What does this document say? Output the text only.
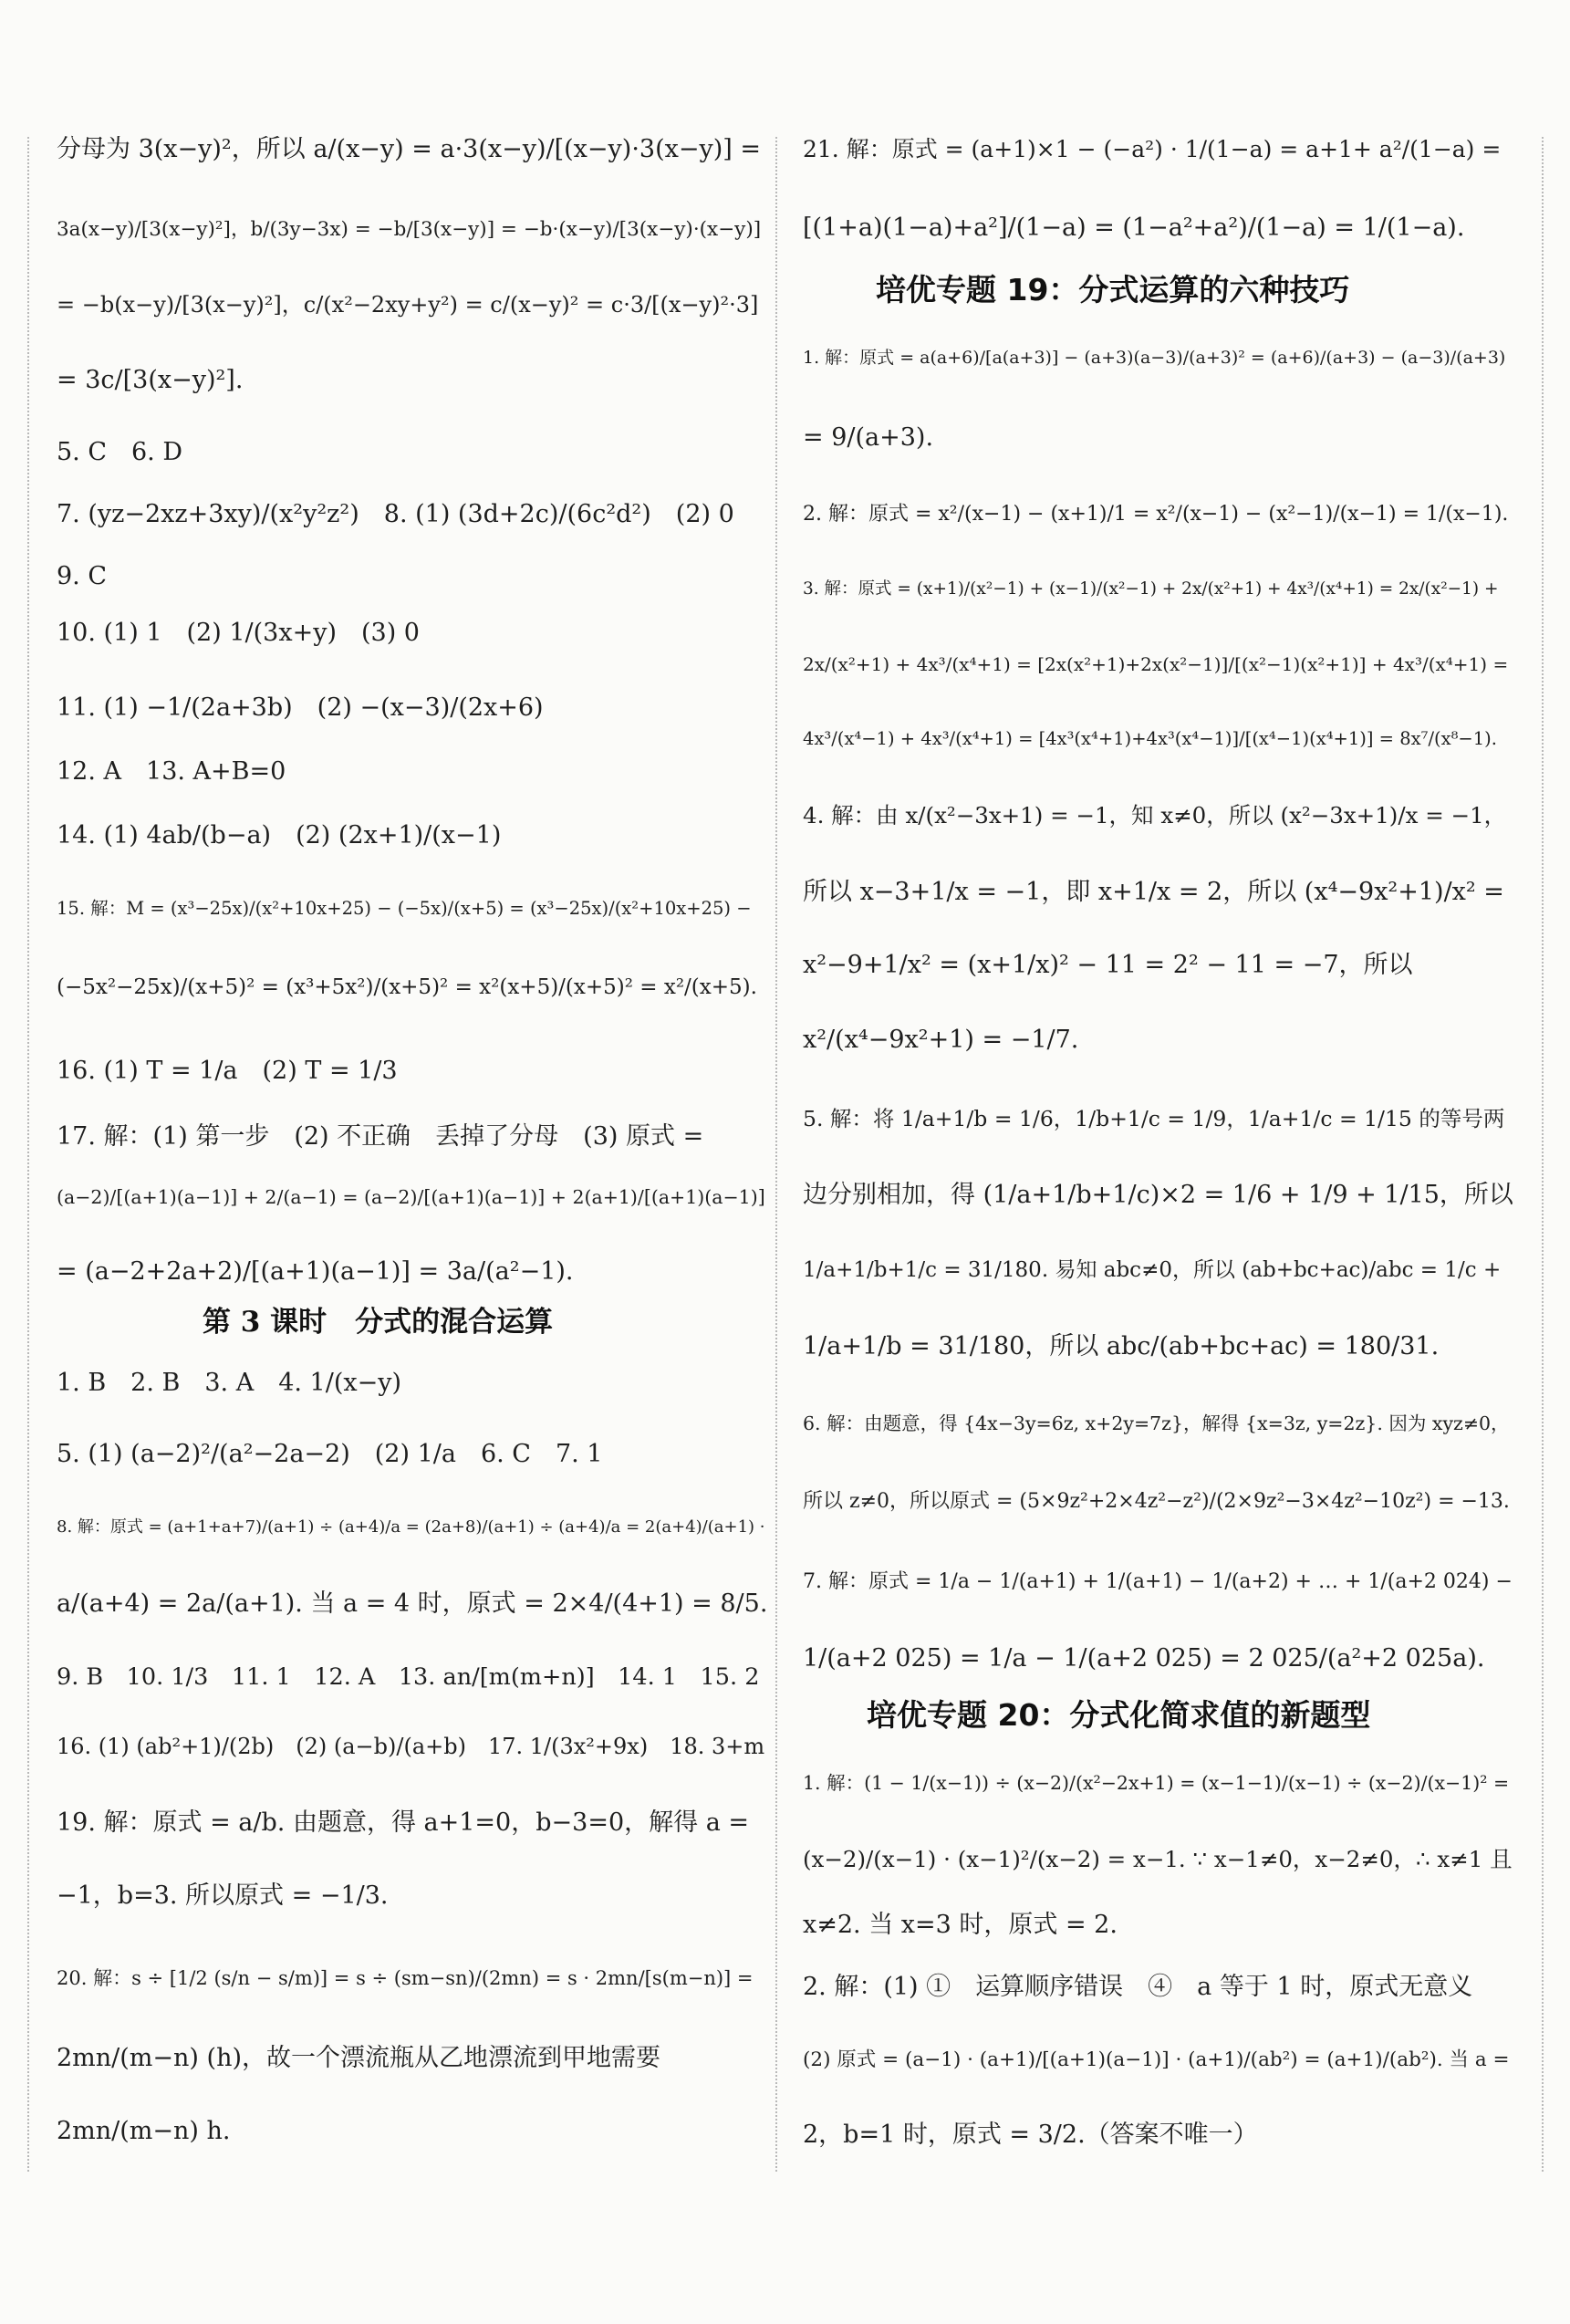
分母为 3(x−y)²，所以 a/(x−y) = a·3(x−y)/[(x−y)·3(x−y)] =
3a(x−y)/[3(x−y)²]，b/(3y−3x) = −b/[3(x−y)] = −b·(x−y)/[3(x−y)·(x−y)]
= −b(x−y)/[3(x−y)²]，c/(x²−2xy+y²) = c/(x−y)² = c·3/[(x−y)²·3]
= 3c/[3(x−y)²].
5. C　6. D
7. (yz−2xz+3xy)/(x²y²z²)　8. (1) (3d+2c)/(6c²d²)　(2) 0
9. C
10. (1) 1　(2) 1/(3x+y)　(3) 0
11. (1) −1/(2a+3b)　(2) −(x−3)/(2x+6)
12. A　13. A+B=0
14. (1) 4ab/(b−a)　(2) (2x+1)/(x−1)
15. 解：M = (x³−25x)/(x²+10x+25) − (−5x)/(x+5) = (x³−25x)/(x²+10x+25) −
(−5x²−25x)/(x+5)² = (x³+5x²)/(x+5)² = x²(x+5)/(x+5)² = x²/(x+5).
16. (1) T = 1/a　(2) T = 1/3
17. 解：(1) 第一步　(2) 不正确　丢掉了分母　(3) 原式 =
(a−2)/[(a+1)(a−1)] + 2/(a−1) = (a−2)/[(a+1)(a−1)] + 2(a+1)/[(a+1)(a−1)]
= (a−2+2a+2)/[(a+1)(a−1)] = 3a/(a²−1).
第 3 课时　分式的混合运算
1. B　2. B　3. A　4. 1/(x−y)
5. (1) (a−2)²/(a²−2a−2)　(2) 1/a　6. C　7. 1
8. 解：原式 = (a+1+a+7)/(a+1) ÷ (a+4)/a = (2a+8)/(a+1) ÷ (a+4)/a = 2(a+4)/(a+1) ·
a/(a+4) = 2a/(a+1). 当 a = 4 时，原式 = 2×4/(4+1) = 8/5.
9. B　10. 1/3　11. 1　12. A　13. an/[m(m+n)]　14. 1　15. 2
16. (1) (ab²+1)/(2b)　(2) (a−b)/(a+b)　17. 1/(3x²+9x)　18. 3+m
19. 解：原式 = a/b. 由题意，得 a+1=0，b−3=0，解得 a =
−1，b=3. 所以原式 = −1/3.
20. 解：s ÷ [1/2 (s/n − s/m)] = s ÷ (sm−sn)/(2mn) = s · 2mn/[s(m−n)] =
2mn/(m−n) (h)，故一个漂流瓶从乙地漂流到甲地需要
2mn/(m−n) h.
21. 解：原式 = (a+1)×1 − (−a²) · 1/(1−a) = a+1+ a²/(1−a) =
[(1+a)(1−a)+a²]/(1−a) = (1−a²+a²)/(1−a) = 1/(1−a).
培优专题 19：分式运算的六种技巧
1. 解：原式 = a(a+6)/[a(a+3)] − (a+3)(a−3)/(a+3)² = (a+6)/(a+3) − (a−3)/(a+3)
= 9/(a+3).
2. 解：原式 = x²/(x−1) − (x+1)/1 = x²/(x−1) − (x²−1)/(x−1) = 1/(x−1).
3. 解：原式 = (x+1)/(x²−1) + (x−1)/(x²−1) + 2x/(x²+1) + 4x³/(x⁴+1) = 2x/(x²−1) +
2x/(x²+1) + 4x³/(x⁴+1) = [2x(x²+1)+2x(x²−1)]/[(x²−1)(x²+1)] + 4x³/(x⁴+1) =
4x³/(x⁴−1) + 4x³/(x⁴+1) = [4x³(x⁴+1)+4x³(x⁴−1)]/[(x⁴−1)(x⁴+1)] = 8x⁷/(x⁸−1).
4. 解：由 x/(x²−3x+1) = −1，知 x≠0，所以 (x²−3x+1)/x = −1，
所以 x−3+1/x = −1，即 x+1/x = 2，所以 (x⁴−9x²+1)/x² =
x²−9+1/x² = (x+1/x)² − 11 = 2² − 11 = −7，所以
x²/(x⁴−9x²+1) = −1/7.
5. 解：将 1/a+1/b = 1/6，1/b+1/c = 1/9，1/a+1/c = 1/15 的等号两
边分别相加，得 (1/a+1/b+1/c)×2 = 1/6 + 1/9 + 1/15，所以
1/a+1/b+1/c = 31/180. 易知 abc≠0，所以 (ab+bc+ac)/abc = 1/c +
1/a+1/b = 31/180，所以 abc/(ab+bc+ac) = 180/31.
6. 解：由题意，得 {4x−3y=6z, x+2y=7z}，解得 {x=3z, y=2z}. 因为 xyz≠0，
所以 z≠0，所以原式 = (5×9z²+2×4z²−z²)/(2×9z²−3×4z²−10z²) = −13.
7. 解：原式 = 1/a − 1/(a+1) + 1/(a+1) − 1/(a+2) + … + 1/(a+2 024) −
1/(a+2 025) = 1/a − 1/(a+2 025) = 2 025/(a²+2 025a).
培优专题 20：分式化简求值的新题型
1. 解：(1 − 1/(x−1)) ÷ (x−2)/(x²−2x+1) = (x−1−1)/(x−1) ÷ (x−2)/(x−1)² =
(x−2)/(x−1) · (x−1)²/(x−2) = x−1. ∵ x−1≠0，x−2≠0，∴ x≠1 且
x≠2. 当 x=3 时，原式 = 2.
2. 解：(1) ①　运算顺序错误　④　a 等于 1 时，原式无意义
(2) 原式 = (a−1) · (a+1)/[(a+1)(a−1)] · (a+1)/(ab²) = (a+1)/(ab²). 当 a =
2，b=1 时，原式 = 3/2.（答案不唯一）
